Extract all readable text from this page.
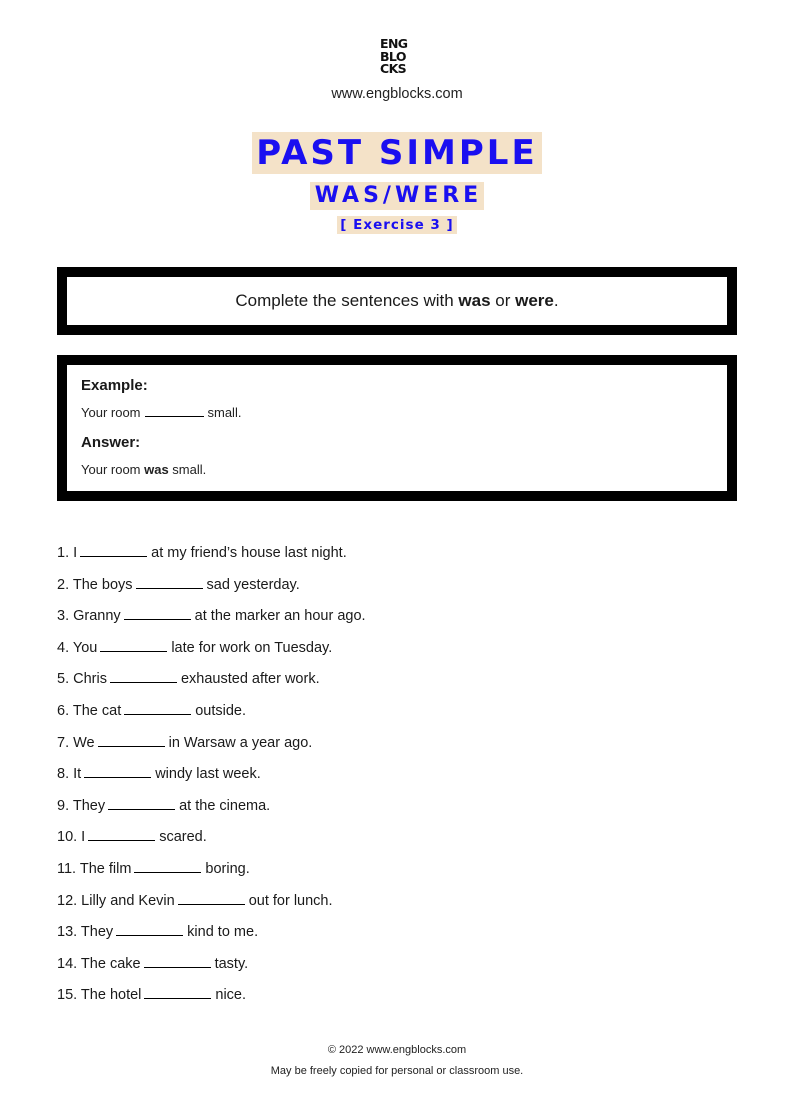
ENG
BLO
CKS
www.engblocks.com
PAST SIMPLE
WAS/WERE
[ Exercise 3 ]
Complete the sentences with was or were.

Example:

Your room	small.

Answer:

Your room was small.

1. I	at my friend’s house last night.
2. The boys	sad yesterday.
3. Granny	at the marker an hour ago.
4. You	late for work on Tuesday.
5. Chris	exhausted after work.
6. The cat	outside.
7. We	in Warsaw a year ago.
8. It	windy last week.
9. They	at the cinema.
10. I	scared.
11. The film	boring.
12. Lilly and Kevin	out for lunch.
13. They	kind to me.
14. The cake	tasty.
15. The hotel	nice.
© 2022 www.engblocks.com
May be freely copied for personal or classroom use.
